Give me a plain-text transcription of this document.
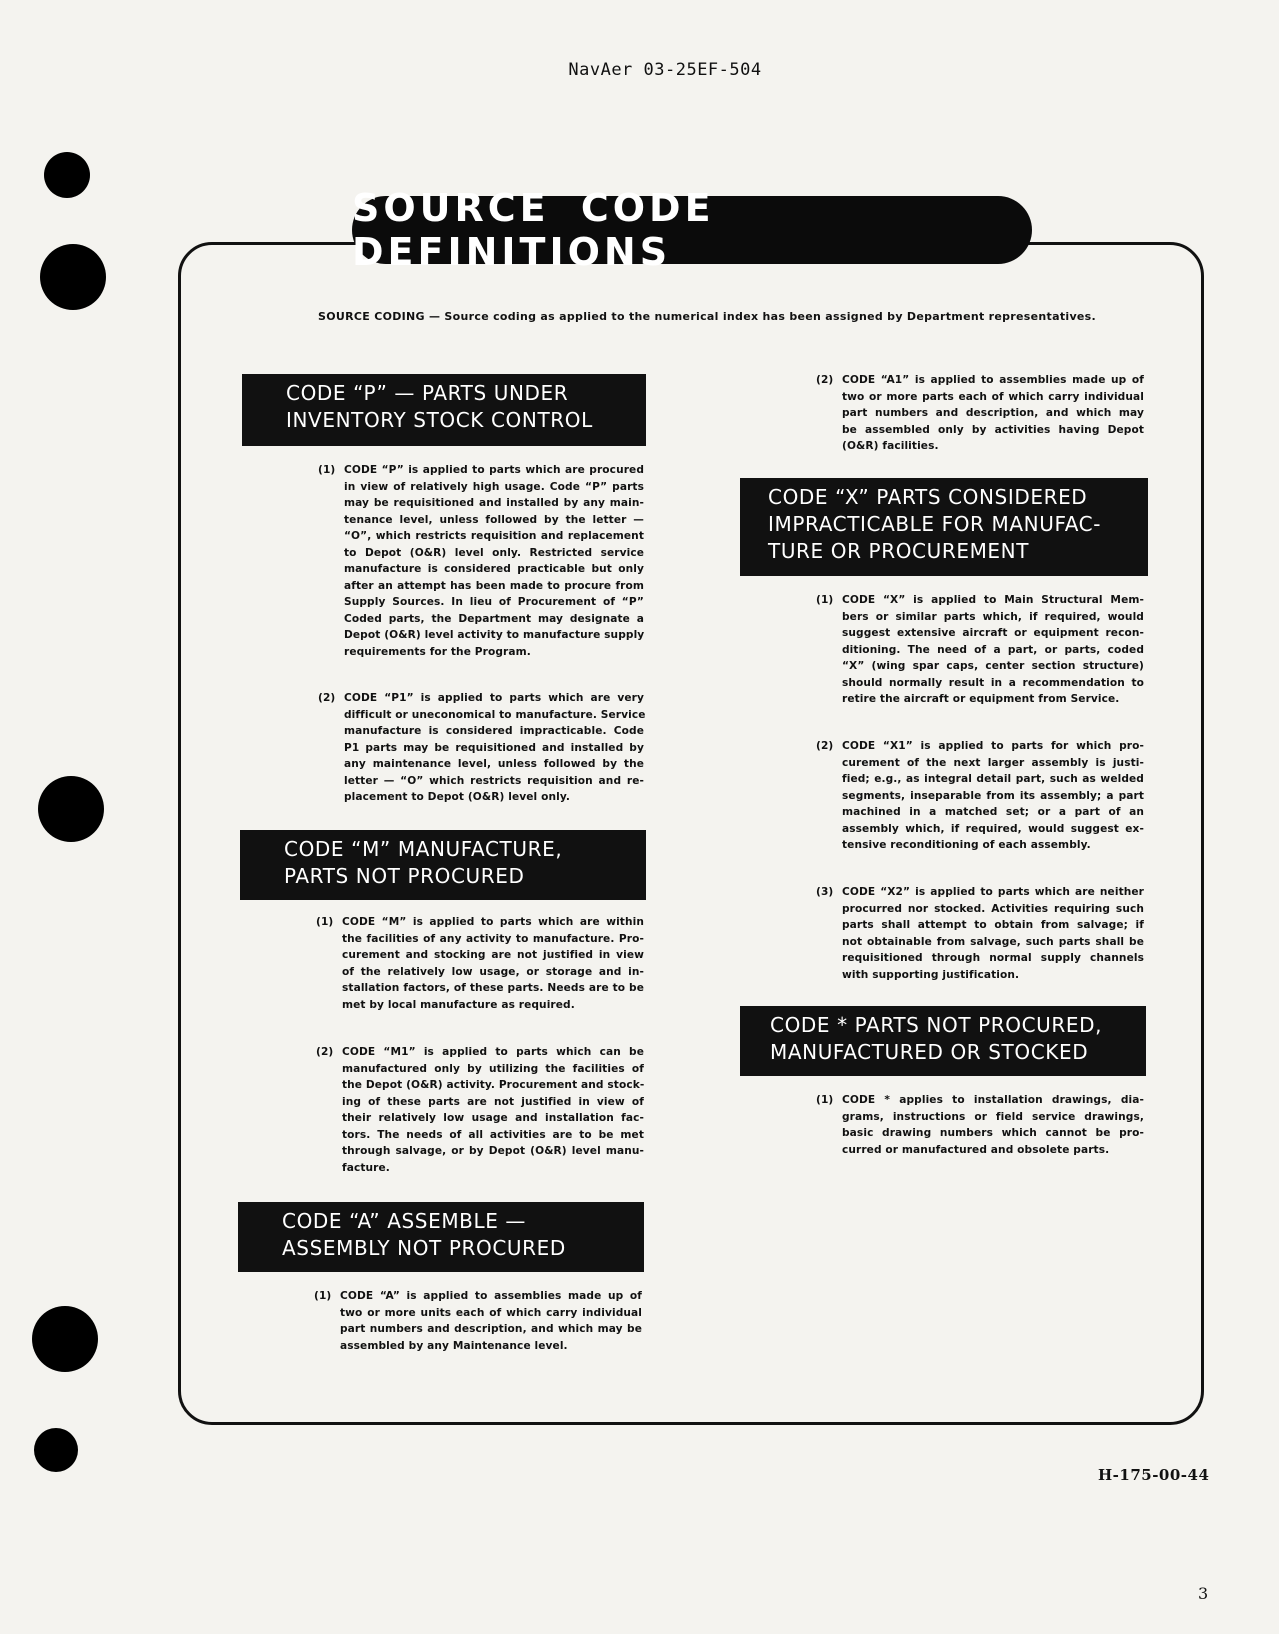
NavAer 03-25EF-504
SOURCE CODE DEFINITIONS
SOURCE CODING — Source coding as applied to the numerical index has been assigned by Department representatives.
CODE “P” — PARTS UNDER
INVENTORY STOCK CONTROL
(1) CODE “P” is applied to parts which are procured
in view of relatively high usage. Code “P” parts
may be requisitioned and installed by any main-
tenance level, unless followed by the letter —
“O”, which restricts requisition and replacement
to Depot (O&R) level only. Restricted service
manufacture is considered practicable but only
after an attempt has been made to procure from
Supply Sources. In lieu of Procurement of “P”
Coded parts, the Department may designate a
Depot (O&R) level activity to manufacture supply
requirements for the Program.
(2) CODE “P1” is applied to parts which are very
difficult or uneconomical to manufacture. Service
manufacture is considered impracticable. Code
P1 parts may be requisitioned and installed by
any maintenance level, unless followed by the
letter — “O” which restricts requisition and re-
placement to Depot (O&R) level only.
CODE “M” MANUFACTURE,
PARTS NOT PROCURED
(1) CODE “M” is applied to parts which are within
the facilities of any activity to manufacture. Pro-
curement and stocking are not justified in view
of the relatively low usage, or storage and in-
stallation factors, of these parts. Needs are to be
met by local manufacture as required.
(2) CODE “M1” is applied to parts which can be
manufactured only by utilizing the facilities of
the Depot (O&R) activity. Procurement and stock-
ing of these parts are not justified in view of
their relatively low usage and installation fac-
tors. The needs of all activities are to be met
through salvage, or by Depot (O&R) level manu-
facture.
CODE “A” ASSEMBLE —
ASSEMBLY NOT PROCURED
(1) CODE “A” is applied to assemblies made up of
two or more units each of which carry individual
part numbers and description, and which may be
assembled by any Maintenance level.
(2) CODE “A1” is applied to assemblies made up of
two or more parts each of which carry individual
part numbers and description, and which may
be assembled only by activities having Depot
(O&R) facilities.
CODE “X” PARTS CONSIDERED
IMPRACTICABLE FOR MANUFAC-
TURE OR PROCUREMENT
(1) CODE “X” is applied to Main Structural Mem-
bers or similar parts which, if required, would
suggest extensive aircraft or equipment recon-
ditioning. The need of a part, or parts, coded
“X” (wing spar caps, center section structure)
should normally result in a recommendation to
retire the aircraft or equipment from Service.
(2) CODE “X1” is applied to parts for which pro-
curement of the next larger assembly is justi-
fied; e.g., as integral detail part, such as welded
segments, inseparable from its assembly; a part
machined in a matched set; or a part of an
assembly which, if required, would suggest ex-
tensive reconditioning of each assembly.
(3) CODE “X2” is applied to parts which are neither
procurred nor stocked. Activities requiring such
parts shall attempt to obtain from salvage; if
not obtainable from salvage, such parts shall be
requisitioned through normal supply channels
with supporting justification.
CODE * PARTS NOT PROCURED,
MANUFACTURED OR STOCKED
(1) CODE * applies to installation drawings, dia-
grams, instructions or field service drawings,
basic drawing numbers which cannot be pro-
curred or manufactured and obsolete parts.
H-175-00-44
3
